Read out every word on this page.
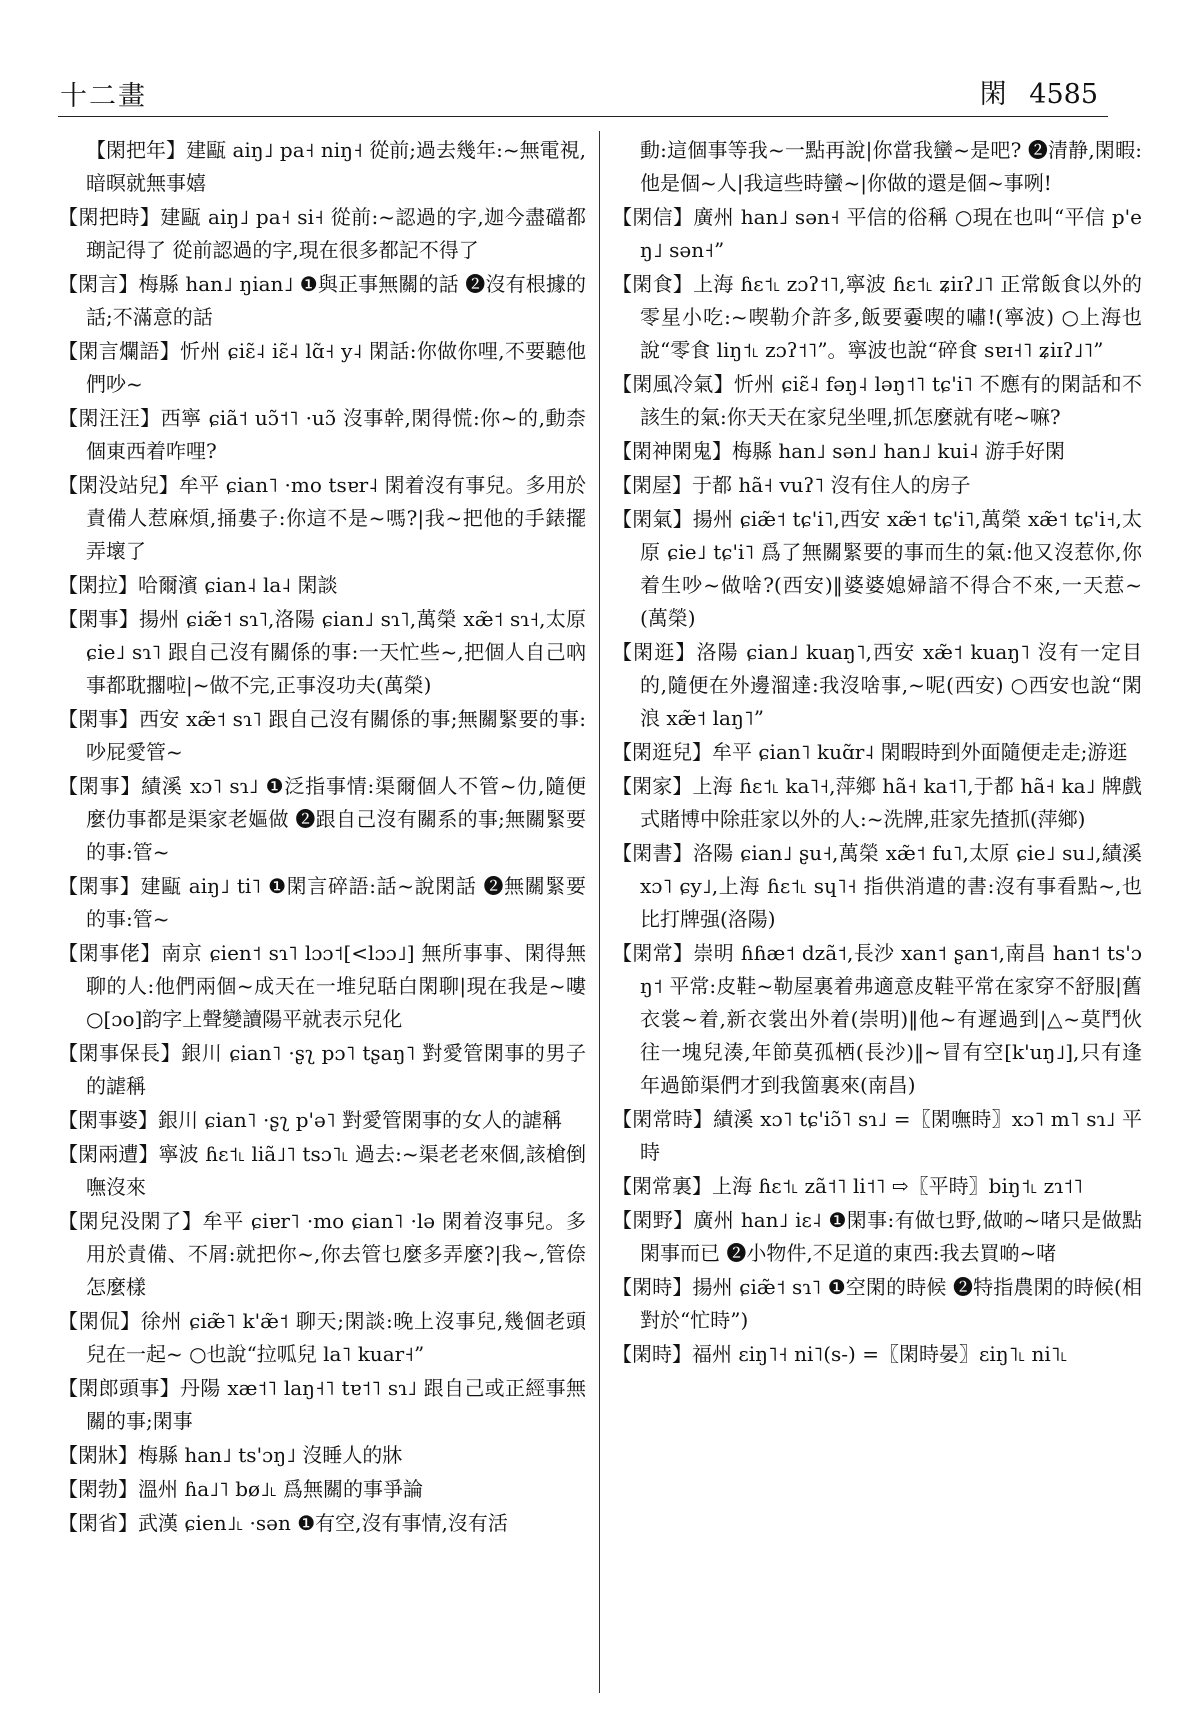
十二畫	閑 4585

【閑把年】建甌 aiŋ˩ pa˧ niŋ˧ 從前;過去幾年:~無電視,暗暝就無事嬉

【閑把時】建甌 aiŋ˩ pa˧ si˧ 從前:~認過的字,迦今盡礑都𤨡記得了 從前認過的字,現在很多都記不得了

【閑言】梅縣 han˩ ŋian˩ ❶與正事無關的話 ❷沒有根據的話;不滿意的話

【閑言爛語】忻州 ɕiɛ̃˨ iɛ̃˨ lɑ̃˧ y˨ 閑話:你做你哩,不要聽他們吵~

【閑汪汪】西寧 ɕiã˦ uɔ̃˦˥ ·uɔ̃ 沒事幹,閑得慌:你~的,動柰個東西着咋哩?

【閑没站兒】牟平 ɕian˥ ·mo tsɐr˨ 閑着沒有事兒。多用於責備人惹麻煩,捅婁子:你這不是~嗎?|我~把他的手錶擺弄壞了

【閑拉】哈爾濱 ɕian˨ la˨ 閑談

【閑事】揚州 ɕiæ̃˦ sɿ˥,洛陽 ɕian˩ sɿ˥,萬榮 xæ̃˦ sɿ˧,太原 ɕie˩ sɿ˥ 跟自己沒有關係的事:一天忙些~,把個人自己吶事都耽擱啦|~做不完,正事沒功夫(萬榮)

【閑事】西安 xæ̃˦ sɿ˥ 跟自己沒有關係的事;無關緊要的事:吵屁愛管~

【閑事】績溪 xɔ˥ sɿ˩ ❶泛指事情:渠爾個人不管~仂,隨便麼仂事都是渠家老嫗做 ❷跟自己沒有關系的事;無關緊要的事:管~

【閑事】建甌 aiŋ˩ ti˥ ❶閑言碎語:話~說閑話 ❷無關緊要的事:管~

【閑事佬】南京 ɕien˦ sɿ˥ lɔɔ˦[<lɔɔ˩] 無所事事、閑得無聊的人:他們兩個~成天在一堆兒聒白閑聊|現在我是~嘍 ○[ɔo]韵字上聲變讀陽平就表示兒化

【閑事保長】銀川 ɕian˥ ·ʂʅ pɔ˥ tʂaŋ˥ 對愛管閑事的男子的謔稱

【閑事婆】銀川 ɕian˥ ·ʂʅ p'ə˥ 對愛管閑事的女人的謔稱

【閑兩遭】寧波 ɦɛ˦˪ liã˩˥ tsɔ˥˪ 過去:~渠老老來個,該槍倒嘸沒來

【閑兒没閑了】牟平 ɕiɐr˥ ·mo ɕian˥ ·lə 閑着沒事兒。多用於責備、不屑:就把你~,你去管乜麼多弄麼?|我~,管倷怎麼樣

【閑侃】徐州 ɕiæ̃˥ k'æ̃˦ 聊天;閑談:晚上沒事兒,幾個老頭兒在一起~ ○也說“拉呱兒 la˥ kuar˧”

【閑郎頭事】丹陽 xæ˦˥ laŋ˧˥ tɐ˦˥ sɿ˩ 跟自己或正經事無關的事;閑事

【閑牀】梅縣 han˩ ts'ɔŋ˩ 沒睡人的牀

【閑勃】溫州 ɦa˩˥ bø˩˪ 爲無關的事爭論

【閑省】武漢 ɕien˩˪ ·sən ❶有空,沒有事情,沒有活

動:這個事等我~一點再說|你當我蠻~是吧? ❷清静,閑暇:他是個~人|我這些時蠻~|你做的還是個~事咧!

【閑信】廣州 han˩ sən˧ 平信的俗稱 ○現在也叫“平信 p'eŋ˩ sən˧”

【閑食】上海 ɦɛ˦˪ zɔʔ˦˥,寧波 ɦɛ˦˪ ʑiɪʔ˩˥ 正常飯食以外的零星小吃:~喫勒介許多,飯要嫑喫的嘯!(寧波) ○上海也說“零食 liŋ˦˪ zɔʔ˦˥”。寧波也說“碎食 sɐɪ˧˥ ʑiɪʔ˩˥”

【閑風冷氣】忻州 ɕiɛ̃˨ fəŋ˨ ləŋ˦˥ tɕ'i˥ 不應有的閑話和不該生的氣:你天天在家兒坐哩,抓怎麼就有咾~嘛?

【閑神閑鬼】梅縣 han˩ sən˩ han˩ kui˨ 游手好閑

【閑屋】于都 hã˧ vuʔ˥ 沒有住人的房子

【閑氣】揚州 ɕiæ̃˦ tɕ'i˥,西安 xæ̃˦ tɕ'i˥,萬榮 xæ̃˦ tɕ'i˧,太原 ɕie˩ tɕ'i˥ 爲了無關緊要的事而生的氣:他又沒惹你,你着生吵~做啥?(西安)‖婆婆媳婦諳不得合不來,一天惹~(萬榮)

【閑逛】洛陽 ɕian˩ kuaŋ˥,西安 xæ̃˦ kuaŋ˥ 沒有一定目的,隨便在外邊溜達:我沒啥事,~呢(西安) ○西安也說“閑浪 xæ̃˦ laŋ˥”

【閑逛兒】牟平 ɕian˥ kuɑ̃r˨ 閑暇時到外面隨便走走;游逛

【閑家】上海 ɦɛ˦˪ ka˥˧,萍鄉 hã˧ ka˦˥,于都 hã˧ ka˩ 牌戲式賭博中除莊家以外的人:~洗牌,莊家先揸抓(萍鄉)

【閑書】洛陽 ɕian˩ ʂu˧,萬榮 xæ̃˦ fu˥,太原 ɕie˩ su˩,績溪 xɔ˥ ɕy˩,上海 ɦɛ˦˪ sɥ˥˧ 指供消遣的書:沒有事看點~,也比打牌强(洛陽)

【閑常】崇明 ɦɦæ˦ dzã˦,長沙 xan˦ ʂan˦,南昌 han˦ ts'ɔŋ˦ 平常:皮鞋~勒屋裏着弗適意皮鞋平常在家穿不舒服|舊衣裳~着,新衣裳出外着(崇明)‖他~有遲過到|△~莫鬥伙往一塊兒湊,年節莫孤栖(長沙)‖~冒有空[k'uŋ˩],只有逢年過節渠們才到我箇裏來(南昌)

【閑常時】績溪 xɔ˥ tɕ'iɔ̃˥ sɿ˩ =〖閑嘸時〗xɔ˥ m˥ sɿ˩ 平時

【閑常裏】上海 ɦɛ˦˪ zã˦˥ li˦˥ ⇨〖平時〗biŋ˦˪ zɿ˦˥

【閑野】廣州 han˩ iɛ˨ ❶閑事:有做乜野,做啲~啫只是做點閑事而已 ❷小物件,不足道的東西:我去買啲~啫

【閑時】揚州 ɕiæ̃˦ sɿ˥ ❶空閑的時候 ❷特指農閑的時候(相對於“忙時”)

【閑時】福州 ɛiŋ˥˧ ni˥(s-) =〖閑時晏〗ɛiŋ˥˪ ni˥˪
